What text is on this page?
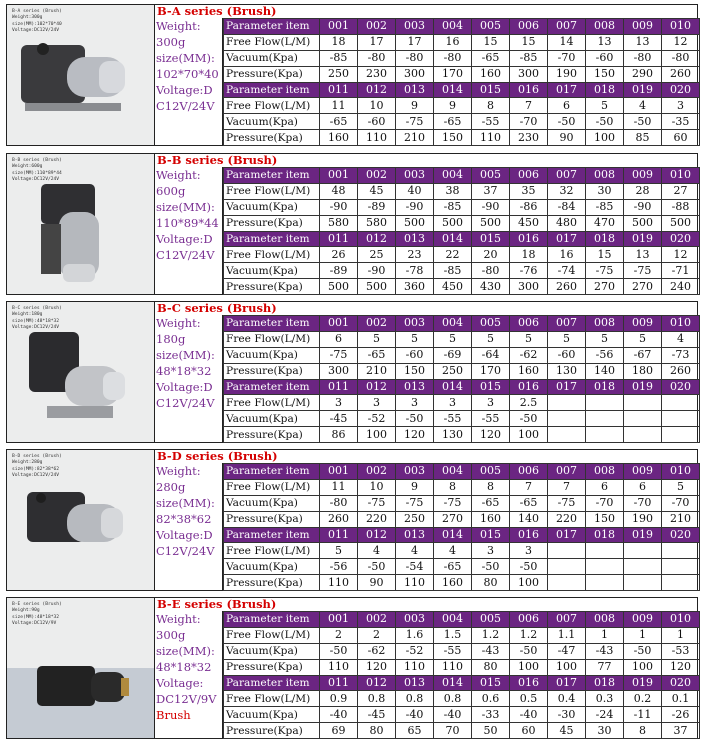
B-A series (Brush)
Weight:300g
size(MM):102*70*40
Voltage:DC12V/24V
B-A series (Brush)
Weight:
300g
size(MM):
102*70*40
Voltage:D
C12V/24V
Parameter item	001	002	003	004	005	006	007	008	009	010
Free Flow(L/M)	18	17	17	16	15	15	14	13	13	12
Vacuum(Kpa)	-85	-80	-80	-80	-65	-85	-70	-60	-80	-80
Pressure(Kpa)	250	230	300	170	160	300	190	150	290	260
Parameter item	011	012	013	014	015	016	017	018	019	020
Free Flow(L/M)	11	10	9	9	8	7	6	5	4	3
Vacuum(Kpa)	-65	-60	-75	-65	-55	-70	-50	-50	-50	-35
Pressure(Kpa)	160	110	210	150	110	230	90	100	85	60
B-B series (Brush)
Weight:600g
size(MM):110*89*44
Voltage:DC12V/24V
B-B series (Brush)
Weight:
600g
size(MM):
110*89*44
Voltage:D
C12V/24V
Parameter item	001	002	003	004	005	006	007	008	009	010
Free Flow(L/M)	48	45	40	38	37	35	32	30	28	27
Vacuum(Kpa)	-90	-89	-90	-85	-90	-86	-84	-85	-90	-88
Pressure(Kpa)	580	580	500	500	500	450	480	470	500	500
Parameter item	011	012	013	014	015	016	017	018	019	020
Free Flow(L/M)	26	25	23	22	20	18	16	15	13	12
Vacuum(Kpa)	-89	-90	-78	-85	-80	-76	-74	-75	-75	-71
Pressure(Kpa)	500	500	360	450	430	300	260	270	270	240
B-C series (Brush)
Weight:180g
size(MM):48*18*32
Voltage:DC12V/24V
B-C series (Brush)
Weight:
180g
size(MM):
48*18*32
Voltage:D
C12V/24V
Parameter item	001	002	003	004	005	006	007	008	009	010
Free Flow(L/M)	6	5	5	5	5	5	5	5	5	4
Vacuum(Kpa)	-75	-65	-60	-69	-64	-62	-60	-56	-67	-73
Pressure(Kpa)	300	210	150	250	170	160	130	140	180	260
Parameter item	011	012	013	014	015	016	017	018	019	020
Free Flow(L/M)	3	3	3	3	3	2.5				
Vacuum(Kpa)	-45	-52	-50	-55	-55	-50				
Pressure(Kpa)	86	100	120	130	120	100				
B-D series (Brush)
Weight:280g
size(MM):82*38*62
Voltage:DC12V/24V
B-D series (Brush)
Weight:
280g
size(MM):
82*38*62
Voltage:D
C12V/24V
Parameter item	001	002	003	004	005	006	007	008	009	010
Free Flow(L/M)	11	10	9	8	8	7	7	6	6	5
Vacuum(Kpa)	-80	-75	-75	-75	-65	-65	-75	-70	-70	-70
Pressure(Kpa)	260	220	250	270	160	140	220	150	190	210
Parameter item	011	012	013	014	015	016	017	018	019	020
Free Flow(L/M)	5	4	4	4	3	3				
Vacuum(Kpa)	-56	-50	-54	-65	-50	-50				
Pressure(Kpa)	110	90	110	160	80	100				
B-E series (Brush)
Weight:90g
size(MM):48*18*32
Voltage:DC12V/9V
B-E series (Brush)
Weight:
300g
size(MM):
48*18*32
Voltage:
DC12V/9V
Brush
Parameter item	001	002	003	004	005	006	007	008	009	010
Free Flow(L/M)	2	2	1.6	1.5	1.2	1.2	1.1	1	1	1
Vacuum(Kpa)	-50	-62	-52	-55	-43	-50	-47	-43	-50	-53
Pressure(Kpa)	110	120	110	110	80	100	100	77	100	120
Parameter item	011	012	013	014	015	016	017	018	019	020
Free Flow(L/M)	0.9	0.8	0.8	0.8	0.6	0.5	0.4	0.3	0.2	0.1
Vacuum(Kpa)	-40	-45	-40	-40	-33	-40	-30	-24	-11	-26
Pressure(Kpa)	69	80	65	70	50	60	45	30	8	37
